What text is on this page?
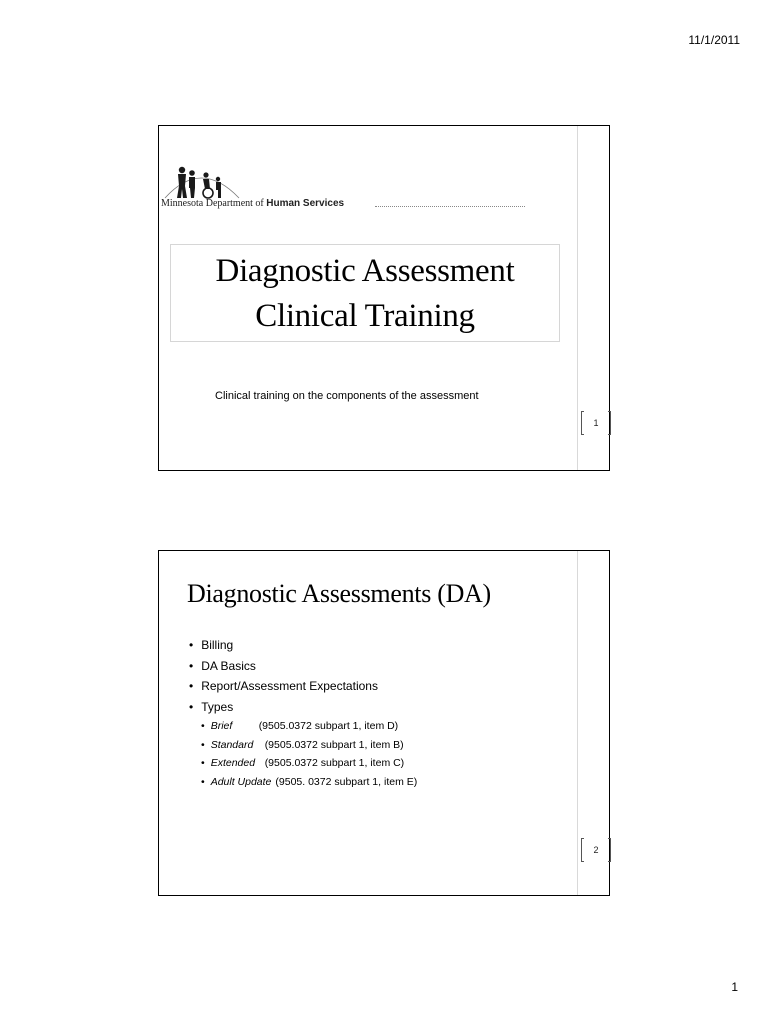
11/1/2011
Minnesota Department of Human Services
Diagnostic Assessment
Clinical Training
Clinical training on the components of the assessment
1
Diagnostic Assessments (DA)
• Billing
• DA Basics
• Report/Assessment Expectations
• Types
• Brief	(9505.0372 subpart 1, item D)
• Standard (9505.0372 subpart 1, item B)
• Extended (9505.0372 subpart 1, item C)
• Adult Update (9505. 0372 subpart 1, item E)
2
1
